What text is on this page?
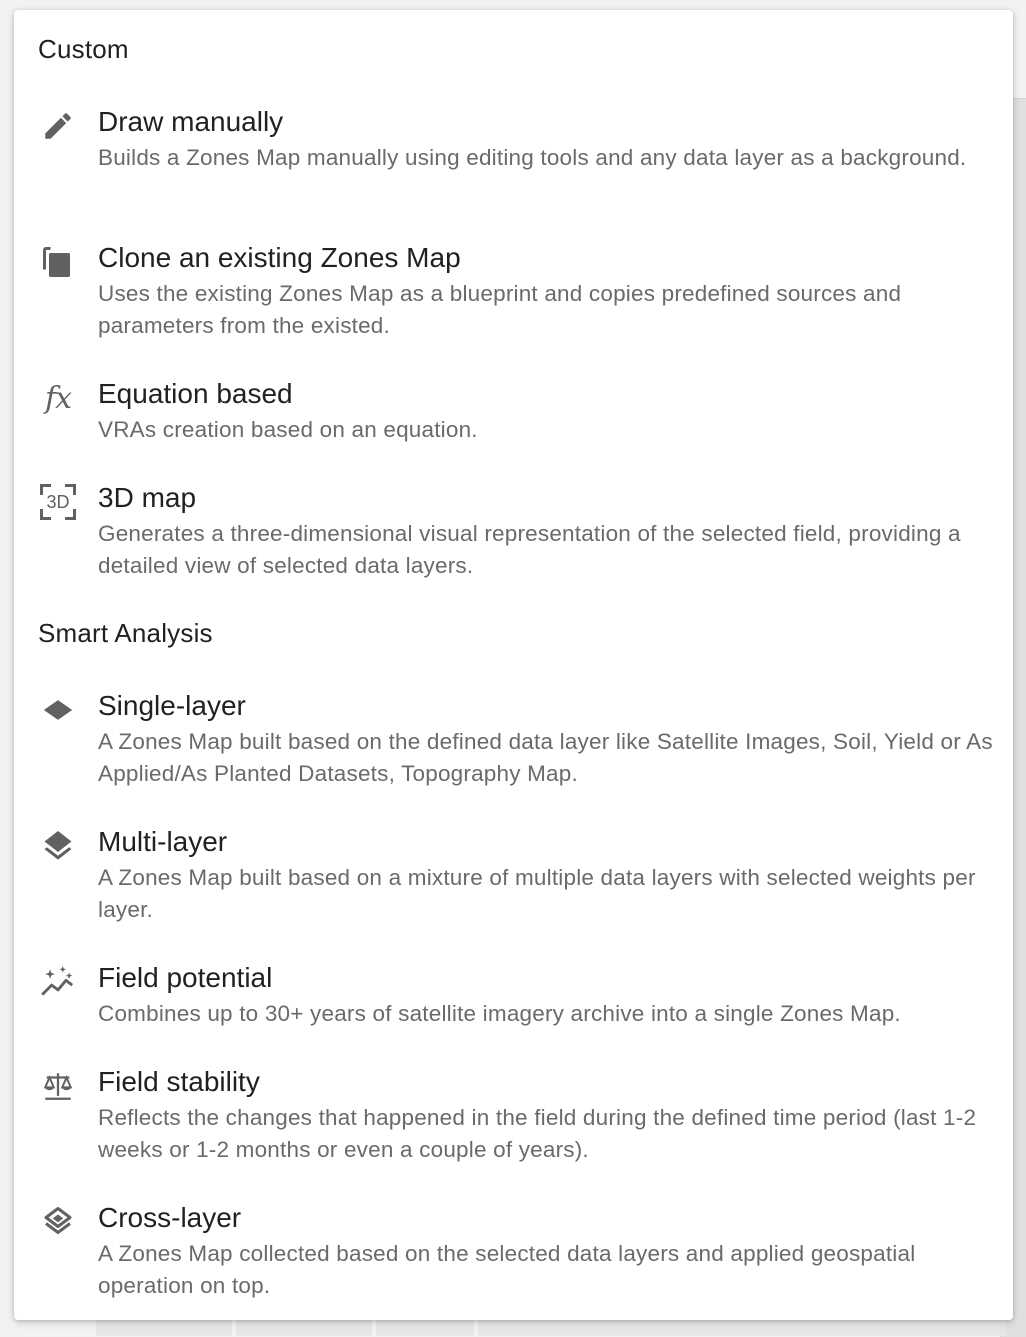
Custom
Draw manually
Builds a Zones Map manually using editing tools and any data layer as a background.
Clone an existing Zones Map
Uses the existing Zones Map as a blueprint and copies predefined sources and parameters from the existed.
fx Equation based
VRAs creation based on an equation.
3D 3D map
Generates a three-dimensional visual representation of the selected field, providing a detailed view of selected data layers.
Smart Analysis
Single-layer
A Zones Map built based on the defined data layer like Satellite Images, Soil, Yield or As Applied/As Planted Datasets, Topography Map.
Multi-layer
A Zones Map built based on a mixture of multiple data layers with selected weights per layer.
Field potential
Combines up to 30+ years of satellite imagery archive into a single Zones Map.
Field stability
Reflects the changes that happened in the field during the defined time period (last 1-2 weeks or 1-2 months or even a couple of years).
Cross-layer
A Zones Map collected based on the selected data layers and applied geospatial operation on top.
